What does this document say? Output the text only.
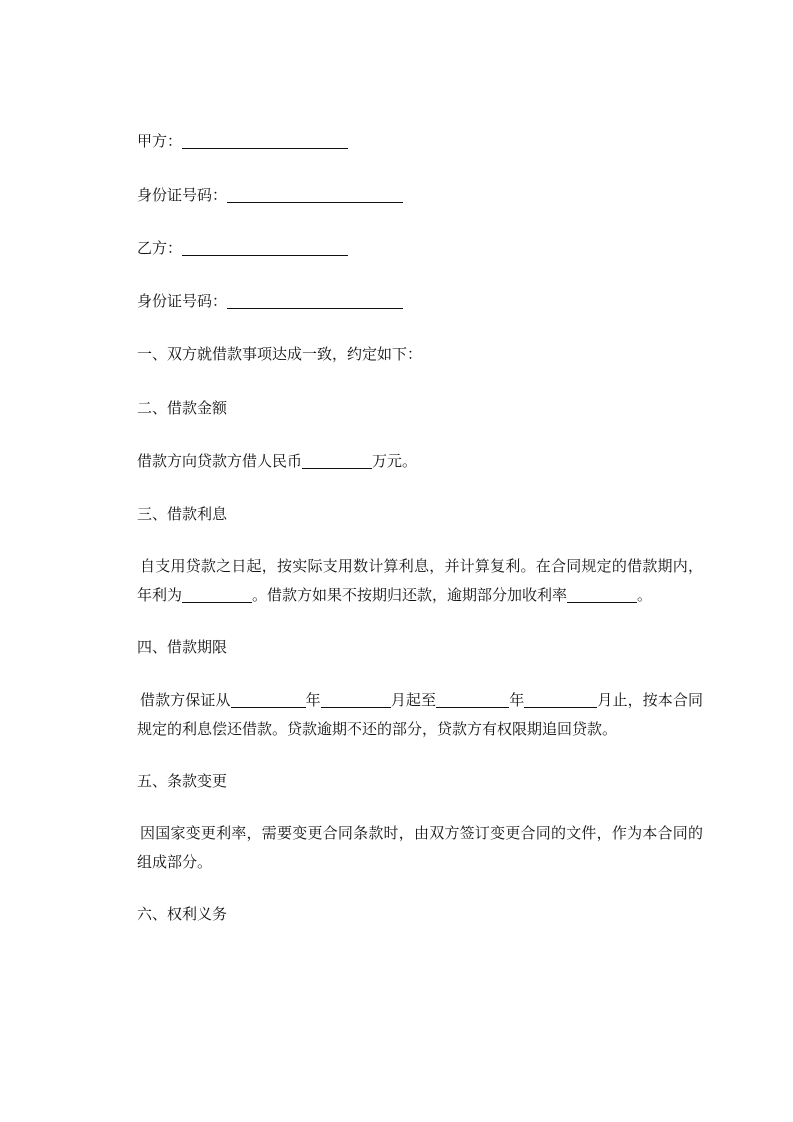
甲方：
身份证号码：
乙方：
身份证号码：
一、双方就借款事项达成一致，约定如下：
二、借款金额
借款方向贷款方借人民币	万元。
三、借款利息
自支用贷款之日起，按实际支用数计算利息，并计算复利。在合同规定的借款期内，年利为	。借款方如果不按期归还款，逾期部分加收利率	。
四、借款期限
借款方保证从	年	月起至	年	月止，按本合同规定的利息偿还借款。贷款逾期不还的部分，贷款方有权限期追回贷款。
五、条款变更
因国家变更利率，需要变更合同条款时，由双方签订变更合同的文件，作为本合同的组成部分。
六、权利义务
